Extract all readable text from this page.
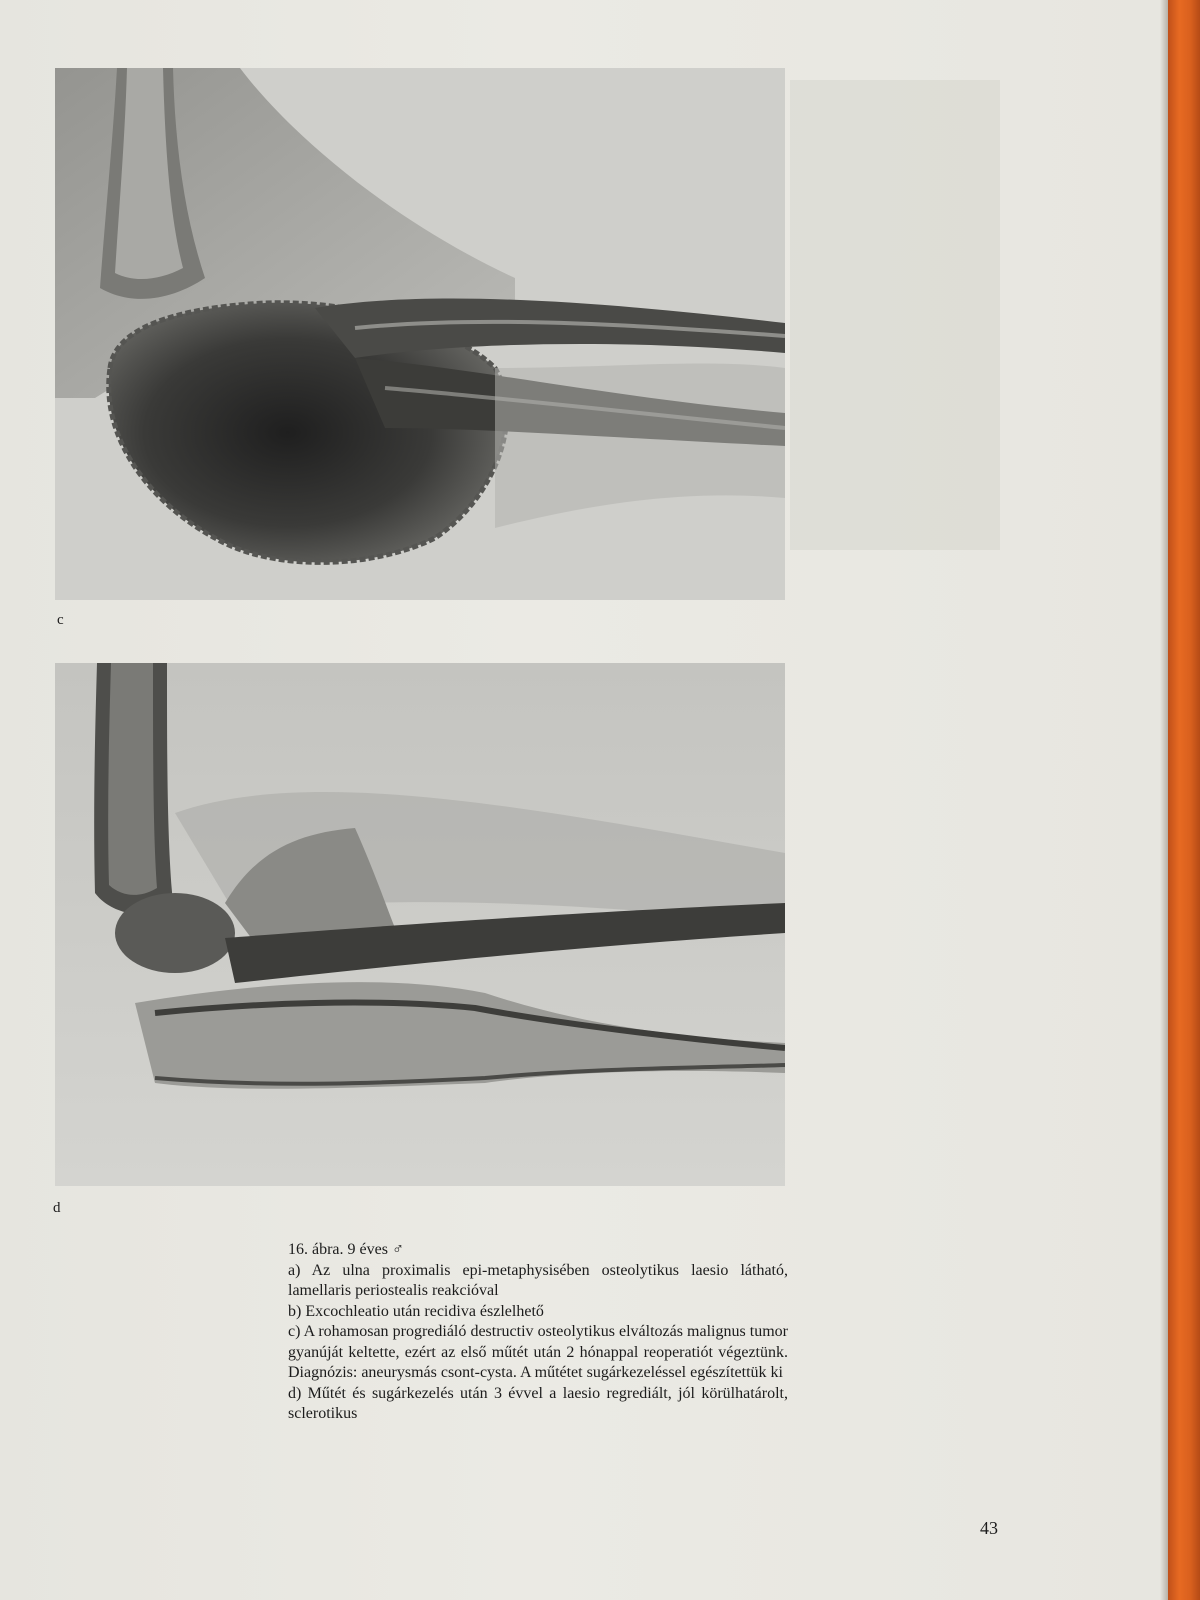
c
d

16. ábra. 9 éves ♂

a) Az ulna proximalis epi-metaphysisében osteolytikus laesio látható, lamellaris periostealis reakcióval

b) Excochleatio után recidiva észlelhető

c) A rohamosan progrediáló destructiv osteolytikus elváltozás malignus tumor gyanúját keltette, ezért az első műtét után 2 hónappal reoperatiót végeztünk. Diagnózis: aneurysmás csont-cysta. A műtétet sugárkezeléssel egészítettük ki

d) Műtét és sugárkezelés után 3 évvel a laesio regrediált, jól körülhatárolt, sclerotikus

43
